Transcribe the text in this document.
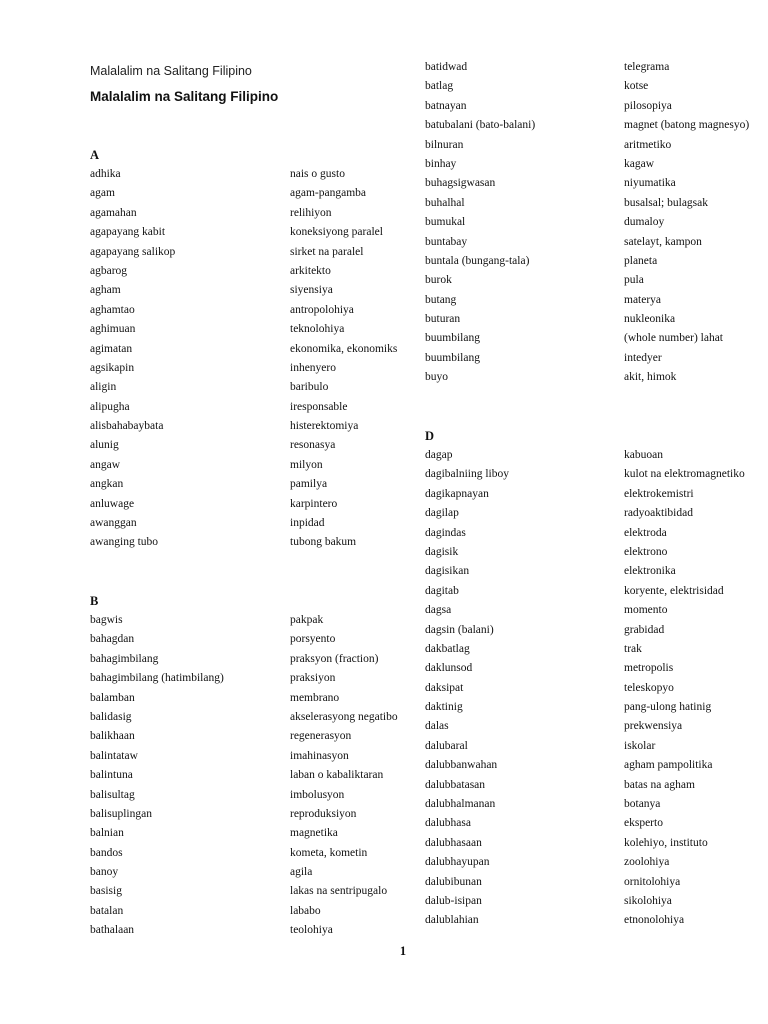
Malalalim na Salitang Filipino
Malalalim na Salitang Filipino
A
adhika
agam
agamahan
agapayang kabit
agapayang salikop
agbarog
agham
aghamtao
aghimuan
agimatan
agsikapin
aligin
alipugha
alisbahabaybata
alunig
angaw
angkan
anluwage
awanggan
awanging tubo
nais o gusto
agam-pangamba
relihiyon
koneksiyong paralel
sirket na paralel
arkitekto
siyensiya
antropolohiya
teknolohiya
ekonomika, ekonomiks
inhenyero
baribulo
iresponsable
histerektomiya
resonasya
milyon
pamilya
karpintero
inpidad
tubong bakum
B
bagwis
bahagdan
bahagimbilang
bahagimbilang (hatimbilang)
balamban
balidasig
balikhaan
balintataw
balintuna
balisultag
balisuplingan
balnian
bandos
banoy
basisig
batalan
bathalaan
pakpak
porsyento
praksyon (fraction)
praksiyon
membrano
akselerasyong negatibo
regenerasyon
imahinasyon
laban o kabaliktaran
imbolusyon
reproduksiyon
magnetika
kometa, kometin
agila
lakas na sentripugalo
lababo
teolohiya
batidwad
batlag
batnayan
batubalani (bato-balani)
bilnuran
binhay
buhagsigwasan
buhalhal
bumukal
buntabay
buntala (bungang-tala)
burok
butang
buturan
buumbilang
buumbilang
buyo
telegrama
kotse
pilosopiya
magnet (batong magnesyo)
aritmetiko
kagaw
niyumatika
busalsal; bulagsak
dumaloy
satelayt, kampon
planeta
pula
materya
nukleonika
(whole number) lahat
intedyer
akit, himok
D
dagap
dagibalniing liboy
dagikapnayan
dagilap
dagindas
dagisik
dagisikan
dagitab
dagsa
dagsin (balani)
dakbatlag
daklunsod
daksipat
daktinig
dalas
dalubaral
dalubbanwahan
dalubbatasan
dalubhalmanan
dalubhasa
dalubhasaan
dalubhayupan
dalubibunan
dalub-isipan
dalublahian
kabuoan
kulot na elektromagnetiko
elektrokemistri
radyoaktibidad
elektroda
elektrono
elektronika
koryente, elektrisidad
momento
grabidad
trak
metropolis
teleskopyo
pang-ulong hatinig
prekwensiya
iskolar
agham pampolitika
batas na agham
botanya
eksperto
kolehiyo, instituto
zoolohiya
ornitolohiya
sikolohiya
etnonolohiya
1
